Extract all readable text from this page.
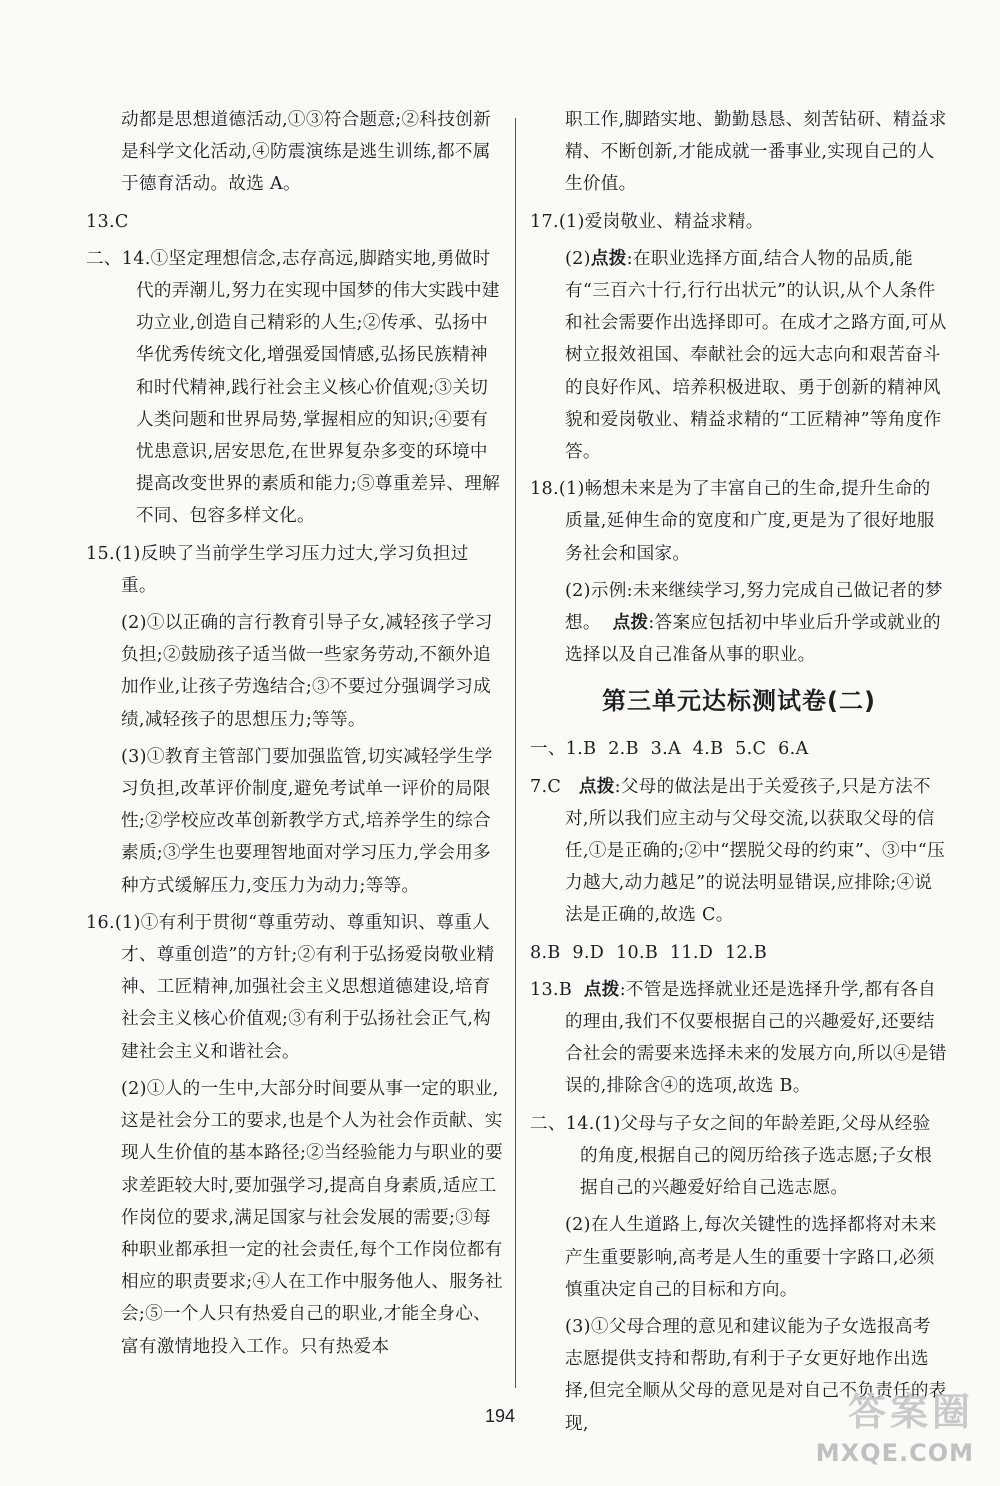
动都是思想道德活动,①③符合题意;②科技创新是科学文化活动,④防震演练是逃生训练,都不属于德育活动。故选 A。
13.C
二、14.①坚定理想信念,志存高远,脚踏实地,勇做时代的弄潮儿,努力在实现中国梦的伟大实践中建功立业,创造自己精彩的人生;②传承、弘扬中华优秀传统文化,增强爱国情感,弘扬民族精神和时代精神,践行社会主义核心价值观;③关切人类问题和世界局势,掌握相应的知识;④要有忧患意识,居安思危,在世界复杂多变的环境中提高改变世界的素质和能力;⑤尊重差异、理解不同、包容多样文化。
15.(1)反映了当前学生学习压力过大,学习负担过重。
(2)①以正确的言行教育引导子女,减轻孩子学习负担;②鼓励孩子适当做一些家务劳动,不额外追加作业,让孩子劳逸结合;③不要过分强调学习成绩,减轻孩子的思想压力;等等。
(3)①教育主管部门要加强监管,切实减轻学生学习负担,改革评价制度,避免考试单一评价的局限性;②学校应改革创新教学方式,培养学生的综合素质;③学生也要理智地面对学习压力,学会用多种方式缓解压力,变压力为动力;等等。
16.(1)①有利于贯彻“尊重劳动、尊重知识、尊重人才、尊重创造”的方针;②有利于弘扬爱岗敬业精神、工匠精神,加强社会主义思想道德建设,培育社会主义核心价值观;③有利于弘扬社会正气,构建社会主义和谐社会。
(2)①人的一生中,大部分时间要从事一定的职业,这是社会分工的要求,也是个人为社会作贡献、实现人生价值的基本路径;②当经验能力与职业的要求差距较大时,要加强学习,提高自身素质,适应工作岗位的要求,满足国家与社会发展的需要;③每种职业都承担一定的社会责任,每个工作岗位都有相应的职责要求;④人在工作中服务他人、服务社会;⑤一个人只有热爱自己的职业,才能全身心、富有激情地投入工作。只有热爱本
职工作,脚踏实地、勤勤恳恳、刻苦钻研、精益求精、不断创新,才能成就一番事业,实现自己的人生价值。
17.(1)爱岗敬业、精益求精。
(2)点拨:在职业选择方面,结合人物的品质,能有“三百六十行,行行出状元”的认识,从个人条件和社会需要作出选择即可。在成才之路方面,可从树立报效祖国、奉献社会的远大志向和艰苦奋斗的良好作风、培养积极进取、勇于创新的精神风貌和爱岗敬业、精益求精的“工匠精神”等角度作答。
18.(1)畅想未来是为了丰富自己的生命,提升生命的质量,延伸生命的宽度和广度,更是为了很好地服务社会和国家。
(2)示例:未来继续学习,努力完成自己做记者的梦想。 点拨:答案应包括初中毕业后升学或就业的选择以及自己准备从事的职业。
第三单元达标测试卷(二)
一、1.B  2.B  3.A  4.B  5.C  6.A
7.C 点拨:父母的做法是出于关爱孩子,只是方法不对,所以我们应主动与父母交流,以获取父母的信任,①是正确的;②中“摆脱父母的约束”、③中“压力越大,动力越足”的说法明显错误,应排除;④说法是正确的,故选 C。
8.B  9.D  10.B  11.D  12.B
13.B 点拨:不管是选择就业还是选择升学,都有各自的理由,我们不仅要根据自己的兴趣爱好,还要结合社会的需要来选择未来的发展方向,所以④是错误的,排除含④的选项,故选 B。
二、14.(1)父母与子女之间的年龄差距,父母从经验的角度,根据自己的阅历给孩子选志愿;子女根据自己的兴趣爱好给自己选志愿。
(2)在人生道路上,每次关键性的选择都将对未来产生重要影响,高考是人生的重要十字路口,必须慎重决定自己的目标和方向。
(3)①父母合理的意见和建议能为子女选报高考志愿提供支持和帮助,有利于子女更好地作出选择,但完全顺从父母的意见是对自己不负责任的表现,
194	答案圈
MXQE.COM
